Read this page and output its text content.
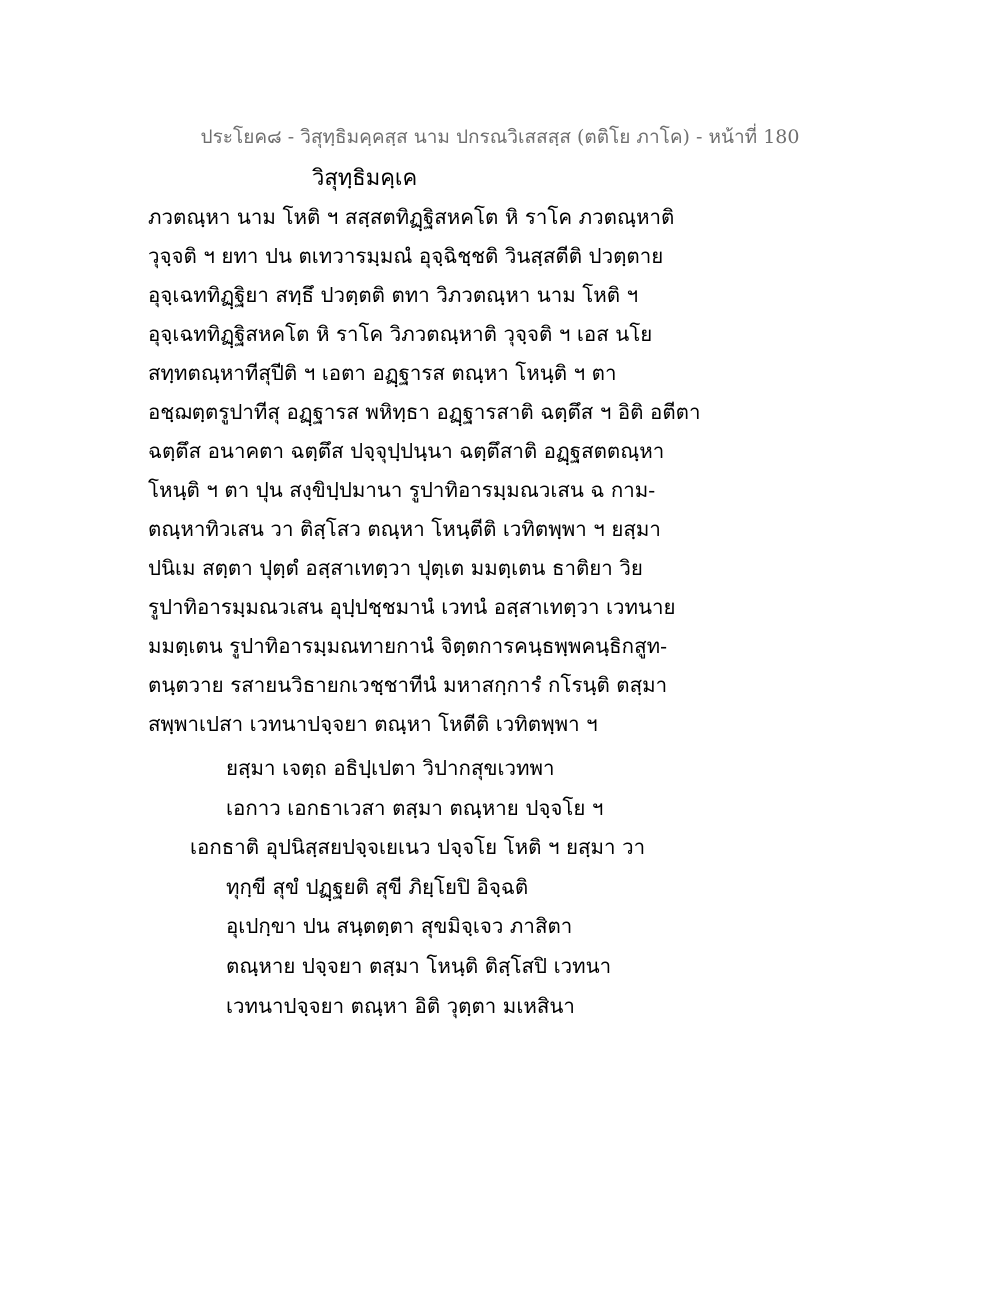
ประโยค๘ - วิสุทฺธิมคฺคสฺส นาม ปกรณวิเสสสฺส (ตติโย ภาโค) - หน้าที่ 180
วิสุทฺธิมคฺเค
ภวตณฺหา นาม โหติ ฯ สสฺสตทิฏฺฐิสหคโต หิ ราโค ภวตณฺหาติ
วุจฺจติ ฯ ยทา ปน ตเทวารมฺมณํ อุจฺฉิชฺชติ วินสฺสตีติ ปวตฺตาย
อุจฺเฉททิฏฺฐิยา สทฺธึ ปวตฺตติ ตทา วิภวตณฺหา นาม โหติ ฯ
อุจฺเฉททิฏฺฐิสหคโต หิ ราโค วิภวตณฺหาติ วุจฺจติ ฯ เอส นโย
สทฺทตณฺหาทีสุปีติ ฯ เอตา อฏฺฐารส ตณฺหา โหนฺติ ฯ ตา
อชฺฌตฺตรูปาทีสุ อฏฺฐารส พหิทฺธา อฏฺฐารสาติ ฉตฺตึส ฯ อิติ อตีตา
ฉตฺตึส อนาคตา ฉตฺตึส ปจฺจุปฺปนฺนา ฉตฺตึสาติ อฏฺฐสตตณฺหา
โหนฺติ ฯ ตา ปุน สงฺขิปฺปมานา รูปาทิอารมฺมณวเสน ฉ กาม-
ตณฺหาทิวเสน วา ติสฺโสว ตณฺหา โหนฺตีติ เวทิตพฺพา ฯ ยสฺมา
ปนิเม สตฺตา ปุตฺตํ อสฺสาเทตฺวา ปุตฺเต มมตฺเตน ธาติยา วิย
รูปาทิอารมฺมณวเสน อุปฺปชฺชมานํ เวทนํ อสฺสาเทตฺวา เวทนาย
มมตฺเตน รูปาทิอารมฺมณทายกานํ จิตฺตการคนฺธพฺพคนฺธิกสูท-
ตนฺตวาย รสายนวิธายกเวชฺชาทีนํ มหาสกฺการํ กโรนฺติ ตสฺมา
สพฺพาเปสา เวทนาปจฺจยา ตณฺหา โหตีติ เวทิตพฺพา ฯ
ยสฺมา เจตฺถ อธิปฺเปตา วิปากสุขเวทพา
เอกาว เอกธาเวสา ตสฺมา ตณฺหาย ปจฺจโย ฯ
เอกธาติ อุปนิสฺสยปจฺจเยเนว ปจฺจโย โหติ ฯ ยสฺมา วา
ทุกฺขี สุขํ ปฏฺฐยติ สุขี ภิยฺโยปิ อิจฺฉติ
อุเปกฺขา ปน สนฺตตฺตา สุขมิจฺเจว ภาสิตา
ตณฺหาย ปจฺจยา ตสฺมา โหนฺติ ติสฺโสปิ เวทนา
เวทนาปจฺจยา ตณฺหา อิติ วุตฺตา มเหสินา
